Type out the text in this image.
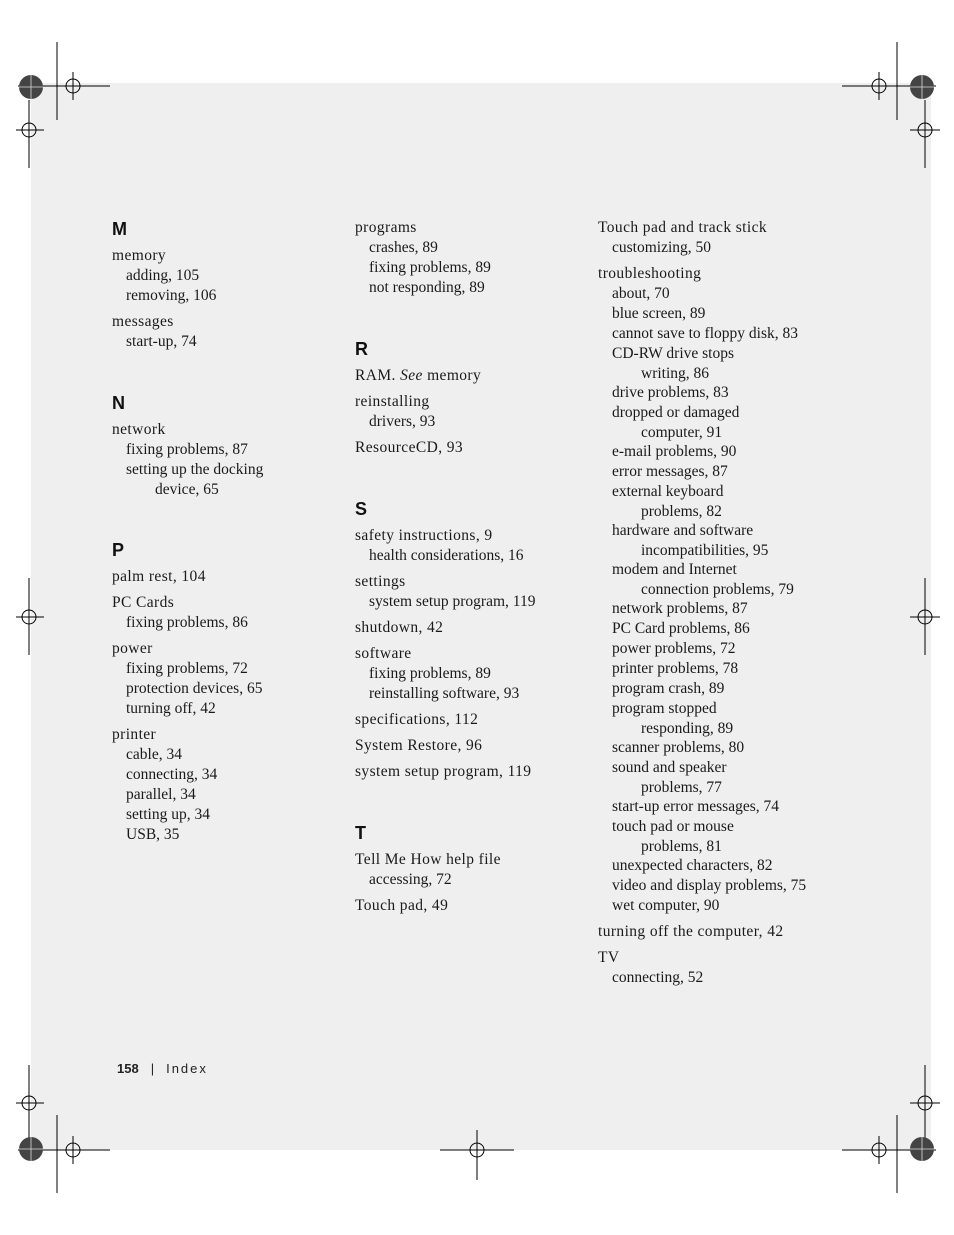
M
memory
adding, 105
removing, 106
messages
start-up, 74
N
network
fixing problems, 87
setting up the docking
device, 65
P
palm rest, 104
PC Cards
fixing problems, 86
power
fixing problems, 72
protection devices, 65
turning off, 42
printer
cable, 34
connecting, 34
parallel, 34
setting up, 34
USB, 35
programs
crashes, 89
fixing problems, 89
not responding, 89
R
RAM. See memory
reinstalling
drivers, 93
ResourceCD, 93
S
safety instructions, 9
health considerations, 16
settings
system setup program, 119
shutdown, 42
software
fixing problems, 89
reinstalling software, 93
specifications, 112
System Restore, 96
system setup program, 119
T
Tell Me How help file
accessing, 72
Touch pad, 49
Touch pad and track stick
customizing, 50
troubleshooting
about, 70
blue screen, 89
cannot save to floppy disk, 83
CD-RW drive stops
writing, 86
drive problems, 83
dropped or damaged
computer, 91
e-mail problems, 90
error messages, 87
external keyboard
problems, 82
hardware and software
incompatibilities, 95
modem and Internet
connection problems, 79
network problems, 87
PC Card problems, 86
power problems, 72
printer problems, 78
program crash, 89
program stopped
responding, 89
scanner problems, 80
sound and speaker
problems, 77
start-up error messages, 74
touch pad or mouse
problems, 81
unexpected characters, 82
video and display problems, 75
wet computer, 90
turning off the computer, 42
TV
connecting, 52
158 | Index
